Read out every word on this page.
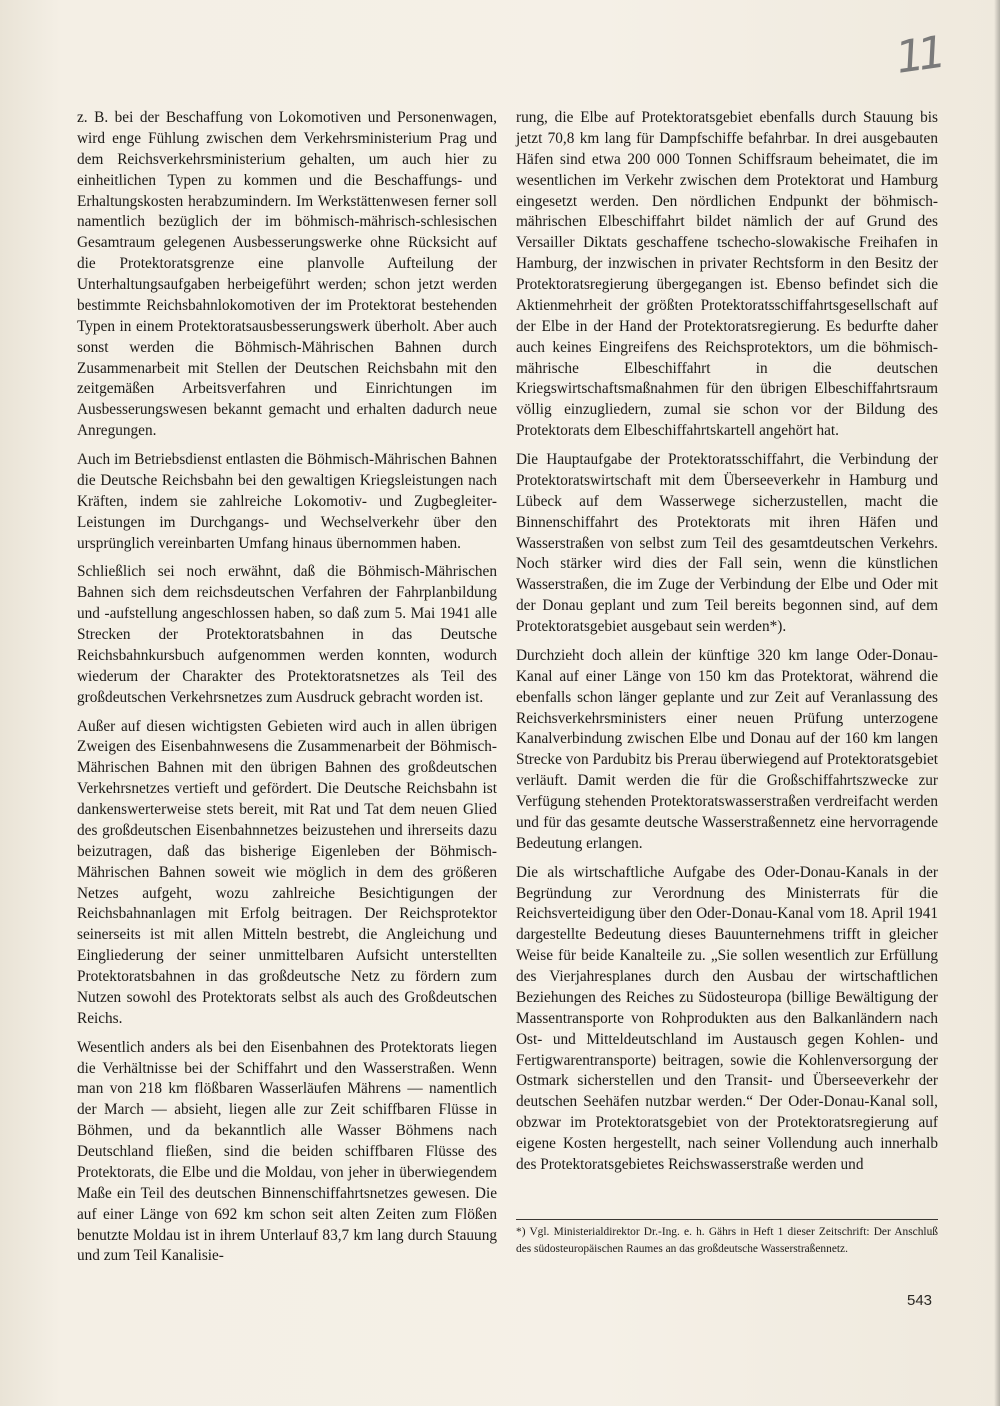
11

z. B. bei der Beschaffung von Lokomotiven und Personenwagen, wird enge Fühlung zwischen dem Verkehrsministerium Prag und dem Reichsverkehrsministerium gehalten, um auch hier zu einheitlichen Typen zu kommen und die Beschaffungs- und Erhaltungskosten herabzumindern. Im Werkstättenwesen ferner soll namentlich bezüglich der im böhmisch-mährisch-schlesischen Gesamtraum gelegenen Ausbesserungswerke ohne Rücksicht auf die Protektoratsgrenze eine planvolle Aufteilung der Unterhaltungsaufgaben herbeigeführt werden; schon jetzt werden bestimmte Reichsbahnlokomotiven der im Protektorat bestehenden Typen in einem Protektoratsausbesserungswerk überholt. Aber auch sonst werden die Böhmisch-Mährischen Bahnen durch Zusammenarbeit mit Stellen der Deutschen Reichsbahn mit den zeitgemäßen Arbeitsverfahren und Einrichtungen im Ausbesserungswesen bekannt gemacht und erhalten dadurch neue Anregungen.

Auch im Betriebsdienst entlasten die Böhmisch-Mährischen Bahnen die Deutsche Reichsbahn bei den gewaltigen Kriegsleistungen nach Kräften, indem sie zahlreiche Lokomotiv- und Zugbegleiter-Leistungen im Durchgangs- und Wechselverkehr über den ursprünglich vereinbarten Umfang hinaus übernommen haben.

Schließlich sei noch erwähnt, daß die Böhmisch-Mährischen Bahnen sich dem reichsdeutschen Verfahren der Fahrplanbildung und -aufstellung angeschlossen haben, so daß zum 5. Mai 1941 alle Strecken der Protektoratsbahnen in das Deutsche Reichsbahnkursbuch aufgenommen werden konnten, wodurch wiederum der Charakter des Protektoratsnetzes als Teil des großdeutschen Verkehrsnetzes zum Ausdruck gebracht worden ist.

Außer auf diesen wichtigsten Gebieten wird auch in allen übrigen Zweigen des Eisenbahnwesens die Zusammenarbeit der Böhmisch-Mährischen Bahnen mit den übrigen Bahnen des großdeutschen Verkehrsnetzes vertieft und gefördert. Die Deutsche Reichsbahn ist dankenswerterweise stets bereit, mit Rat und Tat dem neuen Glied des großdeutschen Eisenbahnnetzes beizustehen und ihrerseits dazu beizutragen, daß das bisherige Eigenleben der Böhmisch-Mährischen Bahnen soweit wie möglich in dem des größeren Netzes aufgeht, wozu zahlreiche Besichtigungen der Reichsbahnanlagen mit Erfolg beitragen. Der Reichsprotektor seinerseits ist mit allen Mitteln bestrebt, die Angleichung und Eingliederung der seiner unmittelbaren Aufsicht unterstellten Protektoratsbahnen in das großdeutsche Netz zu fördern zum Nutzen sowohl des Protektorats selbst als auch des Großdeutschen Reichs.

Wesentlich anders als bei den Eisenbahnen des Protektorats liegen die Verhältnisse bei der Schiffahrt und den Wasserstraßen. Wenn man von 218 km flößbaren Wasserläufen Mährens — namentlich der March — absieht, liegen alle zur Zeit schiffbaren Flüsse in Böhmen, und da bekanntlich alle Wasser Böhmens nach Deutschland fließen, sind die beiden schiffbaren Flüsse des Protektorats, die Elbe und die Moldau, von jeher in überwiegendem Maße ein Teil des deutschen Binnenschiffahrtsnetzes gewesen. Die auf einer Länge von 692 km schon seit alten Zeiten zum Flößen benutzte Moldau ist in ihrem Unterlauf 83,7 km lang durch Stauung und zum Teil Kanalisie-

rung, die Elbe auf Protektoratsgebiet ebenfalls durch Stauung bis jetzt 70,8 km lang für Dampfschiffe befahrbar. In drei ausgebauten Häfen sind etwa 200 000 Tonnen Schiffsraum beheimatet, die im wesentlichen im Verkehr zwischen dem Protektorat und Hamburg eingesetzt werden. Den nördlichen Endpunkt der böhmisch-mährischen Elbeschiffahrt bildet nämlich der auf Grund des Versailler Diktats geschaffene tschecho-slowakische Freihafen in Hamburg, der inzwischen in privater Rechtsform in den Besitz der Protektoratsregierung übergegangen ist. Ebenso befindet sich die Aktienmehrheit der größten Protektoratsschiffahrtsgesellschaft auf der Elbe in der Hand der Protektoratsregierung. Es bedurfte daher auch keines Eingreifens des Reichsprotektors, um die böhmisch-mährische Elbeschiffahrt in die deutschen Kriegswirtschaftsmaßnahmen für den übrigen Elbeschiffahrtsraum völlig einzugliedern, zumal sie schon vor der Bildung des Protektorats dem Elbeschiffahrtskartell angehört hat.

Die Hauptaufgabe der Protektoratsschiffahrt, die Verbindung der Protektoratswirtschaft mit dem Überseeverkehr in Hamburg und Lübeck auf dem Wasserwege sicherzustellen, macht die Binnenschiffahrt des Protektorats mit ihren Häfen und Wasserstraßen von selbst zum Teil des gesamtdeutschen Verkehrs. Noch stärker wird dies der Fall sein, wenn die künstlichen Wasserstraßen, die im Zuge der Verbindung der Elbe und Oder mit der Donau geplant und zum Teil bereits begonnen sind, auf dem Protektoratsgebiet ausgebaut sein werden*).

Durchzieht doch allein der künftige 320 km lange Oder-Donau-Kanal auf einer Länge von 150 km das Protektorat, während die ebenfalls schon länger geplante und zur Zeit auf Veranlassung des Reichsverkehrsministers einer neuen Prüfung unterzogene Kanalverbindung zwischen Elbe und Donau auf der 160 km langen Strecke von Pardubitz bis Prerau überwiegend auf Protektoratsgebiet verläuft. Damit werden die für die Großschiffahrtszwecke zur Verfügung stehenden Protektoratswasserstraßen verdreifacht werden und für das gesamte deutsche Wasserstraßennetz eine hervorragende Bedeutung erlangen.

Die als wirtschaftliche Aufgabe des Oder-Donau-Kanals in der Begründung zur Verordnung des Ministerrats für die Reichsverteidigung über den Oder-Donau-Kanal vom 18. April 1941 dargestellte Bedeutung dieses Bauunternehmens trifft in gleicher Weise für beide Kanalteile zu. „Sie sollen wesentlich zur Erfüllung des Vierjahresplanes durch den Ausbau der wirtschaftlichen Beziehungen des Reiches zu Südosteuropa (billige Bewältigung der Massentransporte von Rohprodukten aus den Balkanländern nach Ost- und Mitteldeutschland im Austausch gegen Kohlen- und Fertigwarentransporte) beitragen, sowie die Kohlenversorgung der Ostmark sicherstellen und den Transit- und Überseeverkehr der deutschen Seehäfen nutzbar werden.“ Der Oder-Donau-Kanal soll, obzwar im Protektoratsgebiet von der Protektoratsregierung auf eigene Kosten hergestellt, nach seiner Vollendung auch innerhalb des Protektoratsgebietes Reichswasserstraße werden und

*) Vgl. Ministerialdirektor Dr.-Ing. e. h. Gährs in Heft 1 dieser Zeitschrift: Der Anschluß des südosteuropäischen Raumes an das großdeutsche Wasserstraßennetz.
543
